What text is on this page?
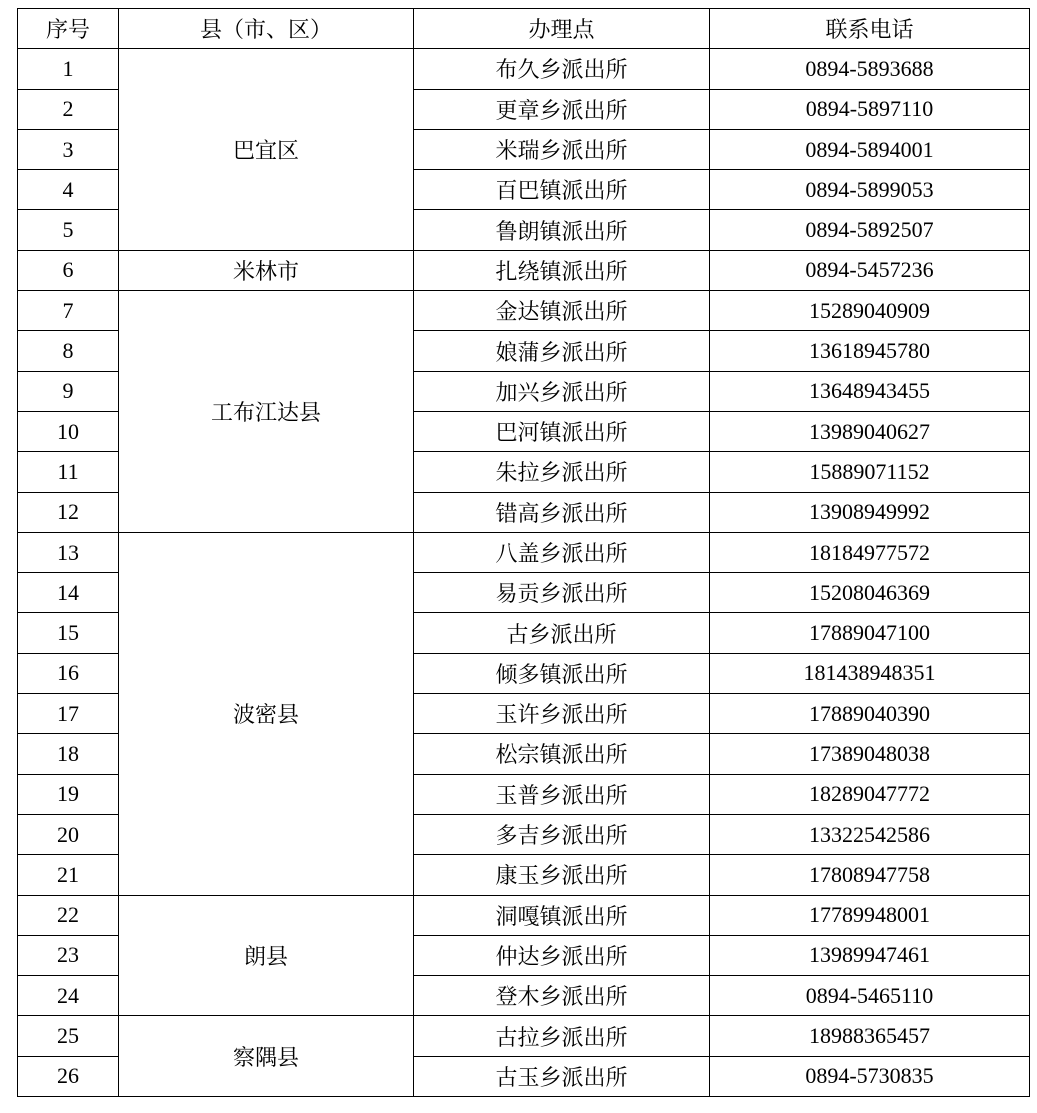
序号	县（市、区）	办理点	联系电话
1	巴宜区	布久乡派出所	0894-5893688
2		更章乡派出所	0894-5897110
3		米瑞乡派出所	0894-5894001
4		百巴镇派出所	0894-5899053
5		鲁朗镇派出所	0894-5892507
6	米林市	扎绕镇派出所	0894-5457236
7	工布江达县	金达镇派出所	15289040909
8		娘蒲乡派出所	13618945780
9		加兴乡派出所	13648943455
10		巴河镇派出所	13989040627
11		朱拉乡派出所	15889071152
12		错高乡派出所	13908949992
13	波密县	八盖乡派出所	18184977572
14		易贡乡派出所	15208046369
15		古乡派出所	17889047100
16		倾多镇派出所	181438948351
17		玉许乡派出所	17889040390
18		松宗镇派出所	17389048038
19		玉普乡派出所	18289047772
20		多吉乡派出所	13322542586
21		康玉乡派出所	17808947758
22	朗县	洞嘎镇派出所	17789948001
23		仲达乡派出所	13989947461
24		登木乡派出所	0894-5465110
25	察隅县	古拉乡派出所	18988365457
26		古玉乡派出所	0894-5730835
